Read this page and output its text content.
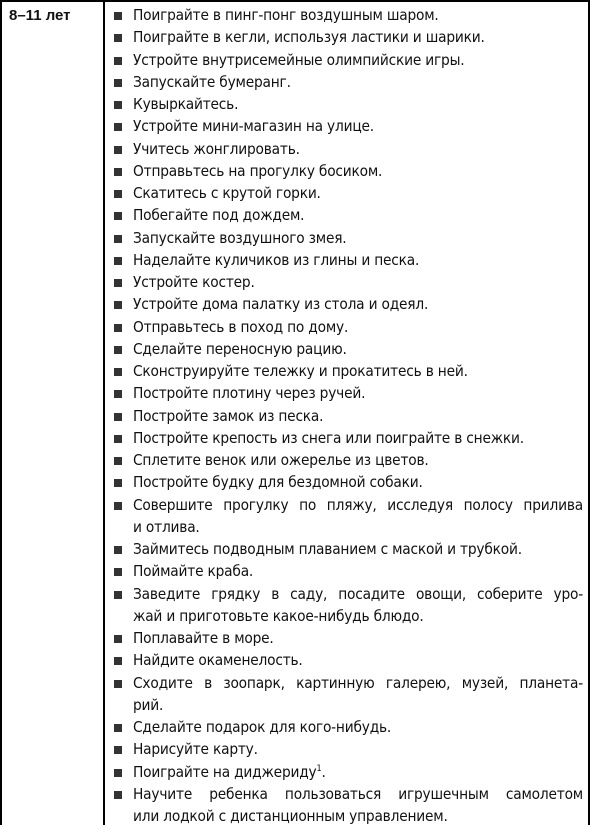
8–11 лет	Поиграйте в пинг-понг воздушным шаром.
Поиграйте в кегли, используя ластики и шарики.
Устройте внутрисемейные олимпийские игры.
Запускайте бумеранг.
Кувыркайтесь.
Устройте мини-магазин на улице.
Учитесь жонглировать.
Отправьтесь на прогулку босиком.
Скатитесь с крутой горки.
Побегайте под дождем.
Запускайте воздушного змея.
Наделайте куличиков из глины и песка.
Устройте костер.
Устройте дома палатку из стола и одеял.
Отправьтесь в поход по дому.
Сделайте переносную рацию.
Сконструируйте тележку и прокатитесь в ней.
Постройте плотину через ручей.
Постройте замок из песка.
Постройте крепость из снега или поиграйте в снежки.
Сплетите венок или ожерелье из цветов.
Постройте будку для бездомной собаки.
Совершите прогулку по пляжу, исследуя полосу прилива
и отлива.
Займитесь подводным плаванием с маской и трубкой.
Поймайте краба.
Заведите грядку в саду, посадите овощи, соберите уро-
жай и приготовьте какое-нибудь блюдо.
Поплавайте в море.
Найдите окаменелость.
Сходите в зоопарк, картинную галерею, музей, планета-
рий.
Сделайте подарок для кого-нибудь.
Нарисуйте карту.
Поиграйте на диджериду$^1$.
Научите ребенка пользоваться игрушечным самолетом
или лодкой с дистанционным управлением.
